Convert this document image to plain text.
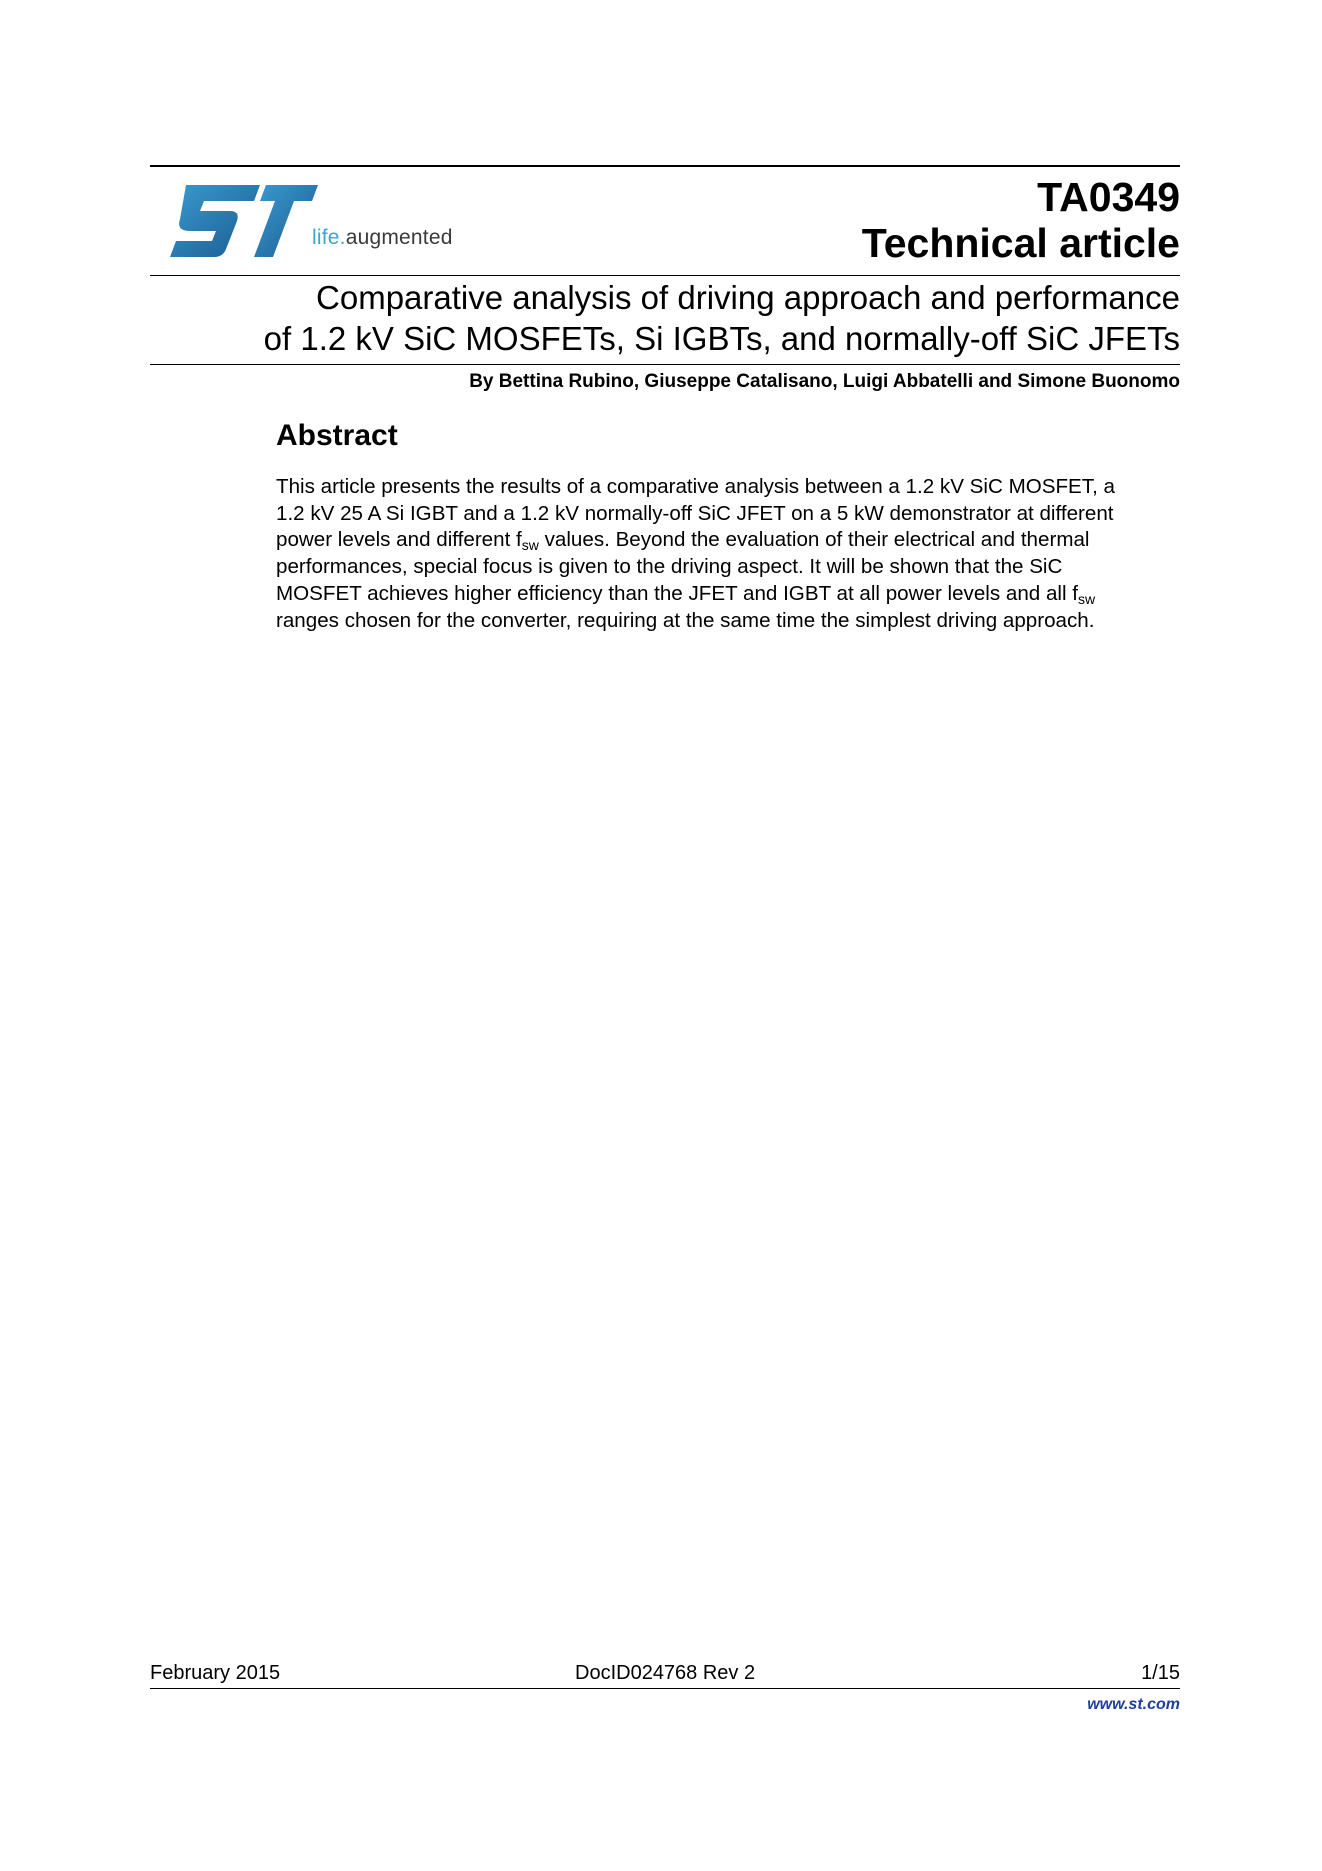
life.augmented
TA0349
Technical article
Comparative analysis of driving approach and performance
of 1.2 kV SiC MOSFETs, Si IGBTs, and normally-off SiC JFETs
By Bettina Rubino, Giuseppe Catalisano, Luigi Abbatelli and Simone Buonomo
Abstract
This article presents the results of a comparative analysis between a 1.2 kV SiC MOSFET, a
1.2 kV 25 A Si IGBT and a 1.2 kV normally-off SiC JFET on a 5 kW demonstrator at different
power levels and different $f_{sw}$ values. Beyond the evaluation of their electrical and thermal
performances, special focus is given to the driving aspect. It will be shown that the SiC
MOSFET achieves higher efficiency than the JFET and IGBT at all power levels and all $f_{sw}$
ranges chosen for the converter, requiring at the same time the simplest driving approach.
February 2015	DocID024768 Rev 2	1/15
www.st.com
